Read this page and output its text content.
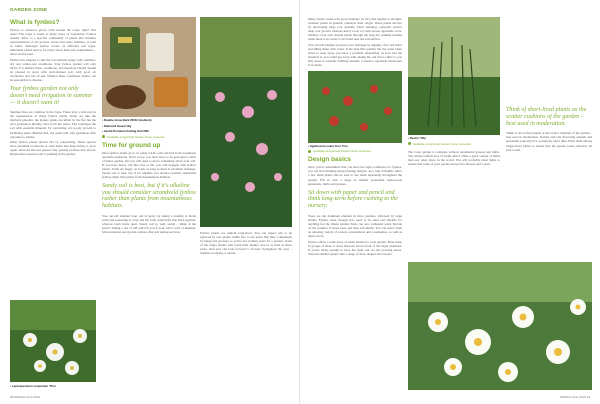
GARDEN ZONE
What is fynbos?

Fynbos is whatever grows wild around the Cape, right? Not quite! The Cape is home to many types of vegetation. Fynbos usually refers to a specific community of plants that includes representatives of the proteas, ericas and restio families, as well as bulbs. Although fynbos occurs on different soil types, individual plants tend to be picky about their soil requirements – more on that later.

Fynbos has adapted to suit the low-nutrient sandy soils, summer-dry and winter-wet conditions. Your fynbos garden will only thrive if it mimics these conditions, and therefore ideally should be planted in spots with well-drained soil, with good air circulation and lots of sun. Without these conditions fynbos can be susceptible to disease.

Your fynbos garden not only doesn't need irrigation in summer — it doesn't want it!

Summer fires are common in the Cape. These play a vital role in the regeneration of many fynbos plants. Some are like the mythical phoenix: the mature plants are killed by the fire but the next generation literally rises from the ashes. Fire recharges the soil with essential minerals by converting old woody growth to fertilising ashes. Besides that, the seeds will only germinate after exposure to smoke.

Other fynbos plants survive fire by resprouting. These species have perennial rootstocks or stem bulbs that keep living to grow again. Once the fire has passed, they quickly produce new shoots. Resprouters respond well to pruning in the garden.

• Double-Grow Bark 350ltr (medium)
• Diamond Guard 1kg
• Aeolia Premium Potting Soil 20ltr
Available at Agrimark Garden Zone nurseries.
Time for ground up

Most fynbos plants grow in sandy acidic soils derived from weathered quartzite sandstone. Don't worry, you don't have to be geologist to have a fynbos garden, but you will need to know something about your soil. If you have heavy soil like clay or silt, you will struggle with fynbos plants. Some are happy on loam, as long as there is excellent drainage. Sandy soil is best, but if it's alkaline you should consider strandveld fynbos rather than plants from mountainous habitats.

Sandy soil is best, but if it's alkaline you should consider strandveld fynbos rather than plants from mountainous habitats.

You can tell whether your soil is heavy by taking a handful of moist earth and squeezing it. Clay and silt form solid blobs that hold together, whereas loam holds apart. Sandy soil is, well, sandy – think of the beach. Taking a test of pH will tell you if your soil is acid or alkaline. Most nurseries and garden centres offer soil testing services.

• Leptospermum scoparium 'Thm

Fynbos plants are seldom long-lived. You can expect pin to be replaced by new plants within five to ten years. But they compensate by being fast growers so you're not waiting years for a garden. Some of the larger shrubs will reach their mature size in as little as three years. And you can look forward to flowers throughout the year – whether in spring or winter.

38 MARKet Octo 2019

Many fynbos seeds wait good drainage. In fact, this applies to drought-resistant plants in general, whatever their origin. These plants survive by developing large root systems. Their stunning, open-pits protect deep root growth whereas heavy roots rot with excess agreeable roots. Shallow roots can't sustain plants through the long dry summer months when there is no water to be found near the soil surface.

You can tell whether you have poor drainage by digging a few test holes and filling them with water. If the hole fills quickly but the water takes hours to seep away, you have a problem. Depending on how bad the situation is, you could get away with raising the soil level a little or you may need to consider building mounds. Consult a reputable landscaper if in doubt.

• Agathosma ovata 'Kon 'Fire
Available at Agrimark Garden Zone nurseries.
Design basics

Once you've determined that you have the right conditions for fynbos, you can start thinking about planting designs. As a rule of thumb: select a few main plants and be sure to use them repeatedly throughout the garden. Fill in with a range of smaller perennials, herbaceous perennials, bulbs and grasses.

Sit down with paper and pencil and think long-term before rushing to the nursery.

Trees are the dominant element in most gardens, followed by large shrubs. Fynbos trees, though few, need to be sited and suitable for anything but the tiniest garden. Most can also withstand wind. Decide on the position of those trees and then add shrubs. You can select from an amazing variety of proteas, pincushions and conebushes, as well as many ericas.

Fynbos offers a wide array of small shrubs for your garden. Plant these in groups of three or more between and in front of the larger elements. If you're lucky enough to have the right soil, do the growing ericas. Then the smaller plants take a range of sizes, shapes and colours.

• Restio 'Tilly'
Available at Agrimark Garden Zone nurseries.

The Cape garden is complete without ornamental grasses and bulbs. The winter-rainfall area of South Africa offers a great variety of bulbs than any other place in the world. You will probably plant bulbs to ensure that some of your garden always has flowers and colour.

Think of short-lived plants as the scatter cushions of the garden - best used in moderation.

Think of short-lived plants as the scatter cushions of the garden – best used in moderation. Nearby and tall, flowering annuals and perennials typically live a relatively short time. Plant them among longer-lived plants to ensure that the garden looks attractive all year round.

MARKet Octo 2019 39
